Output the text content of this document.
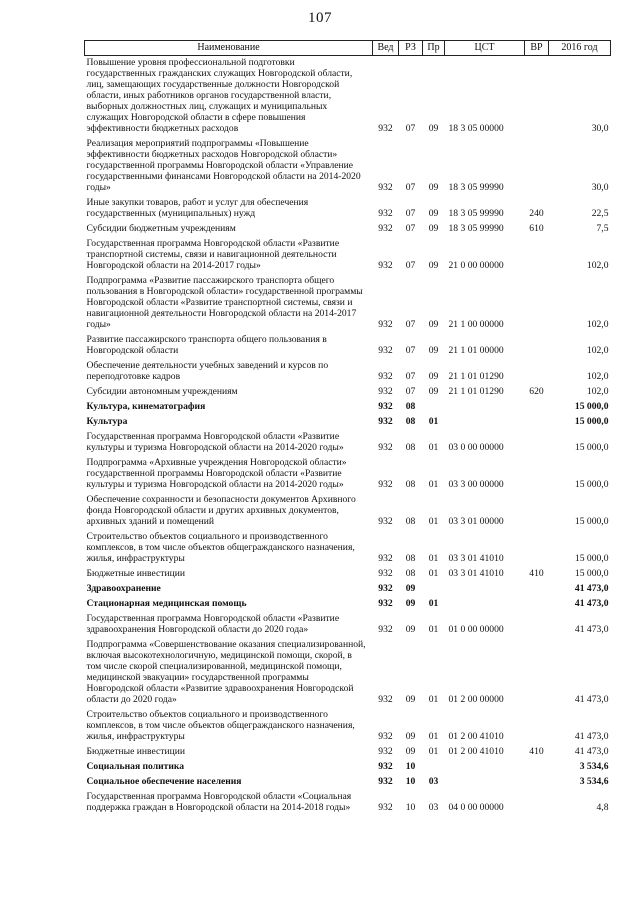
107
Наименование	Вед	РЗ	Пр	ЦСТ	ВР	2016 год
Повышение уровня профессиональной подготовки государственных гражданских служащих Новгородской области, лиц, замещающих государственные должности Новгородской области, иных работников органов государственной власти, выборных должностных лиц, служащих и муниципальных служащих Новгородской области в сфере повышения эффективности бюджетных расходов	932	07	09	18 3 05 00000		30,0
Реализация мероприятий подпрограммы «Повышение эффективности бюджетных расходов Новгородской области» государственной программы Новгородской области «Управление государственными финансами Новгородской области на 2014-2020 годы»	932	07	09	18 3 05 99990		30,0
Иные закупки товаров, работ и услуг для обеспечения государственных (муниципальных) нужд	932	07	09	18 3 05 99990	240	22,5
Субсидии бюджетным учреждениям	932	07	09	18 3 05 99990	610	7,5
Государственная программа Новгородской области «Развитие транспортной системы, связи и навигационной деятельности Новгородской области на 2014-2017 годы»	932	07	09	21 0 00 00000		102,0
Подпрограмма «Развитие пассажирского транспорта общего пользования в Новгородской области» государственной программы Новгородской области «Развитие транспортной системы, связи и навигационной деятельности Новгородской области на 2014-2017 годы»	932	07	09	21 1 00 00000		102,0
Развитие пассажирского транспорта общего пользования в Новгородской области	932	07	09	21 1 01 00000		102,0
Обеспечение деятельности учебных заведений и курсов по переподготовке кадров	932	07	09	21 1 01 01290		102,0
Субсидии автономным учреждениям	932	07	09	21 1 01 01290	620	102,0
Культура, кинематография	932	08				15 000,0
Культура	932	08	01			15 000,0
Государственная программа Новгородской области «Развитие культуры и туризма Новгородской области на 2014-2020 годы»	932	08	01	03 0 00 00000		15 000,0
Подпрограмма «Архивные учреждения Новгородской области» государственной программы Новгородской области «Развитие культуры и туризма Новгородской области на 2014-2020 годы»	932	08	01	03 3 00 00000		15 000,0
Обеспечение сохранности и безопасности документов Архивного фонда Новгородской области и других архивных документов, архивных зданий и помещений	932	08	01	03 3 01 00000		15 000,0
Строительство объектов социального и производственного комплексов, в том числе объектов общегражданского назначения, жилья, инфраструктуры	932	08	01	03 3 01 41010		15 000,0
Бюджетные инвестиции	932	08	01	03 3 01 41010	410	15 000,0
Здравоохранение	932	09				41 473,0
Стационарная медицинская помощь	932	09	01			41 473,0
Государственная программа Новгородской области «Развитие здравоохранения Новгородской области до 2020 года»	932	09	01	01 0 00 00000		41 473,0
Подпрограмма «Совершенствование оказания специализированной, включая высокотехнологичную, медицинской помощи, скорой, в том числе скорой специализированной, медицинской помощи, медицинской эвакуации» государственной программы Новгородской области «Развитие здравоохранения Новгородской области до 2020 года»	932	09	01	01 2 00 00000		41 473,0
Строительство объектов социального и производственного комплексов, в том числе объектов общегражданского назначения, жилья, инфраструктуры	932	09	01	01 2 00 41010		41 473,0
Бюджетные инвестиции	932	09	01	01 2 00 41010	410	41 473,0
Социальная политика	932	10				3 534,6
Социальное обеспечение населения	932	10	03			3 534,6
Государственная программа Новгородской области «Социальная поддержка граждан в Новгородской области на 2014-2018 годы»	932	10	03	04 0 00 00000		4,8
